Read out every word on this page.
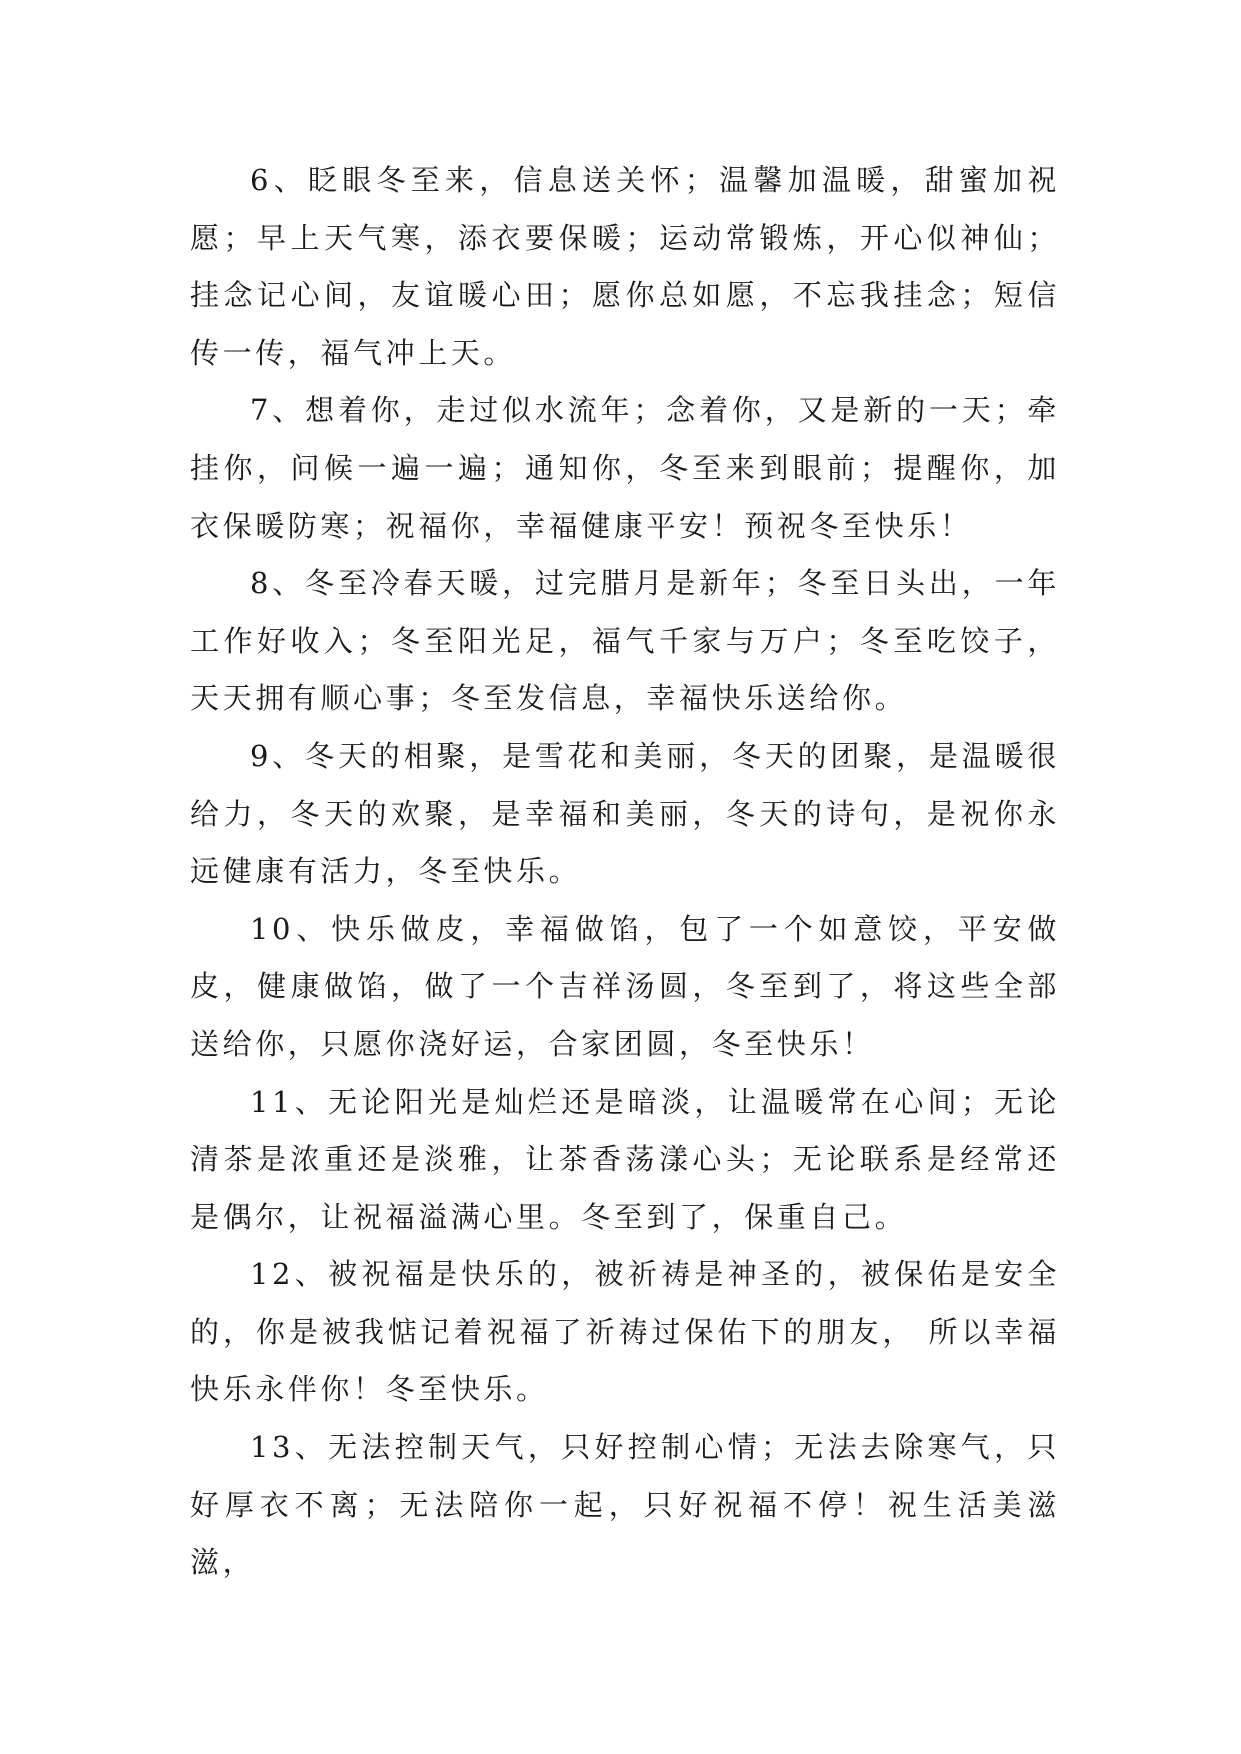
6、眨眼冬至来，信息送关怀；温馨加温暖，甜蜜加祝愿；早上天气寒，添衣要保暖；运动常锻炼，开心似神仙；挂念记心间，友谊暖心田；愿你总如愿，不忘我挂念；短信传一传，福气冲上天。

7、想着你，走过似水流年；念着你，又是新的一天；牵挂你，问候一遍一遍；通知你，冬至来到眼前；提醒你，加衣保暖防寒；祝福你，幸福健康平安！预祝冬至快乐！

8、冬至冷春天暖，过完腊月是新年；冬至日头出，一年工作好收入；冬至阳光足，福气千家与万户；冬至吃饺子，天天拥有顺心事；冬至发信息，幸福快乐送给你。

9、冬天的相聚，是雪花和美丽，冬天的团聚，是温暖很给力，冬天的欢聚，是幸福和美丽，冬天的诗句，是祝你永远健康有活力，冬至快乐。

10、快乐做皮，幸福做馅，包了一个如意饺，平安做皮，健康做馅，做了一个吉祥汤圆，冬至到了，将这些全部送给你，只愿你浇好运，合家团圆，冬至快乐！

11、无论阳光是灿烂还是暗淡，让温暖常在心间；无论清茶是浓重还是淡雅，让茶香荡漾心头；无论联系是经常还是偶尔，让祝福溢满心里。冬至到了，保重自己。

12、被祝福是快乐的，被祈祷是神圣的，被保佑是安全的，你是被我惦记着祝福了祈祷过保佑下的朋友， 所以幸福快乐永伴你！冬至快乐。

13、无法控制天气，只好控制心情；无法去除寒气，只好厚衣不离；无法陪你一起，只好祝福不停！祝生活美滋滋，
